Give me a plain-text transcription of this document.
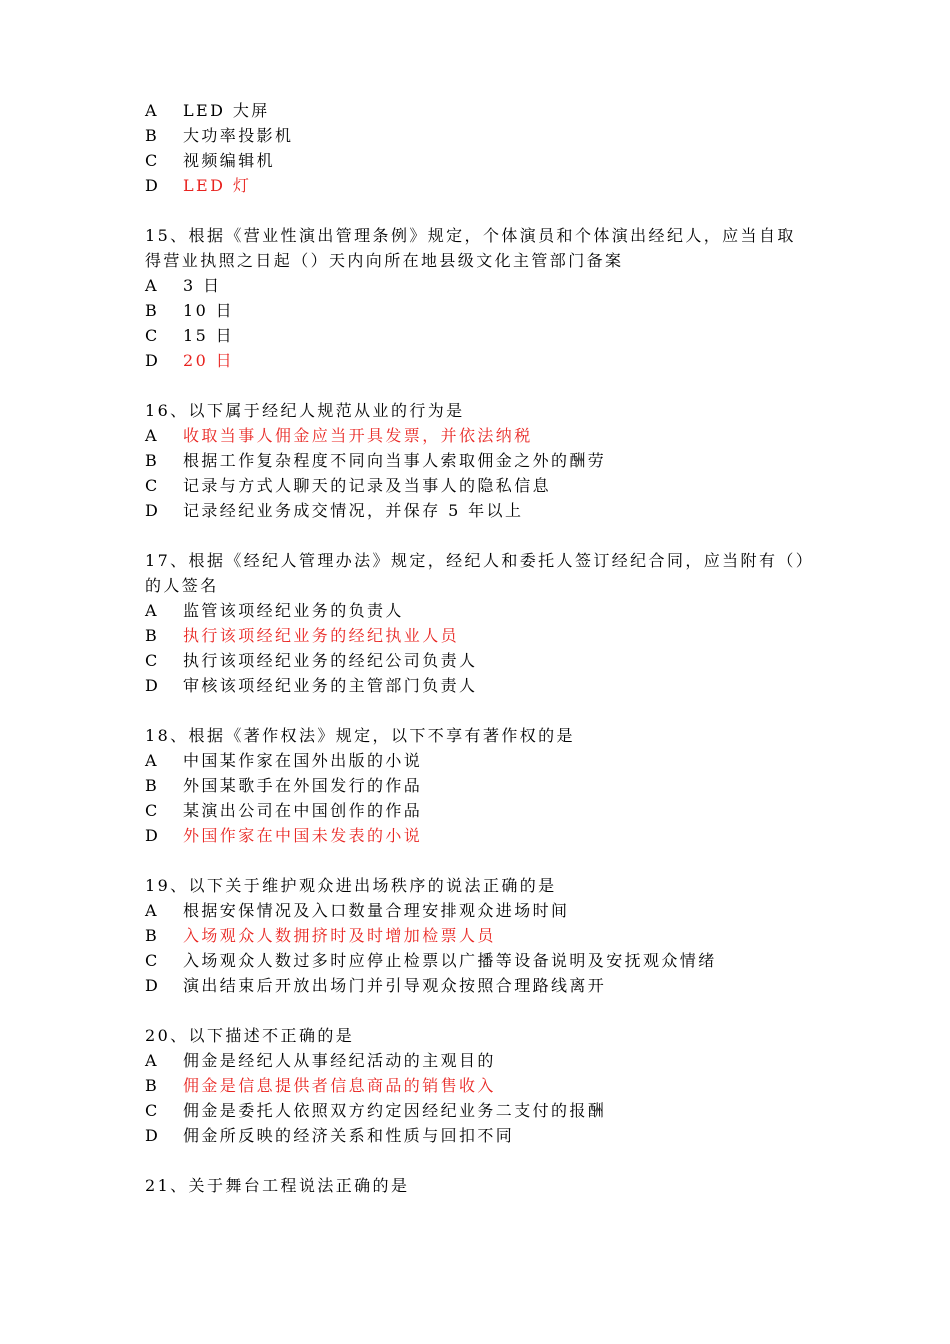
A LED 大屏
B 大功率投影机
C 视频编辑机
D LED 灯
15、根据《营业性演出管理条例》规定，个体演员和个体演出经纪人，应当自取
得营业执照之日起（）天内向所在地县级文化主管部门备案
A 3 日
B 10 日
C 15 日
D 20 日
16、以下属于经纪人规范从业的行为是
A 收取当事人佣金应当开具发票，并依法纳税
B 根据工作复杂程度不同向当事人索取佣金之外的酬劳
C 记录与方式人聊天的记录及当事人的隐私信息
D 记录经纪业务成交情况，并保存 5 年以上
17、根据《经纪人管理办法》规定，经纪人和委托人签订经纪合同，应当附有（）
的人签名
A 监管该项经纪业务的负责人
B 执行该项经纪业务的经纪执业人员
C 执行该项经纪业务的经纪公司负责人
D 审核该项经纪业务的主管部门负责人
18、根据《著作权法》规定，以下不享有著作权的是
A 中国某作家在国外出版的小说
B 外国某歌手在外国发行的作品
C 某演出公司在中国创作的作品
D 外国作家在中国未发表的小说
19、以下关于维护观众进出场秩序的说法正确的是
A 根据安保情况及入口数量合理安排观众进场时间
B 入场观众人数拥挤时及时增加检票人员
C 入场观众人数过多时应停止检票以广播等设备说明及安抚观众情绪
D 演出结束后开放出场门并引导观众按照合理路线离开
20、以下描述不正确的是
A 佣金是经纪人从事经纪活动的主观目的
B 佣金是信息提供者信息商品的销售收入
C 佣金是委托人依照双方约定因经纪业务二支付的报酬
D 佣金所反映的经济关系和性质与回扣不同
21、关于舞台工程说法正确的是
